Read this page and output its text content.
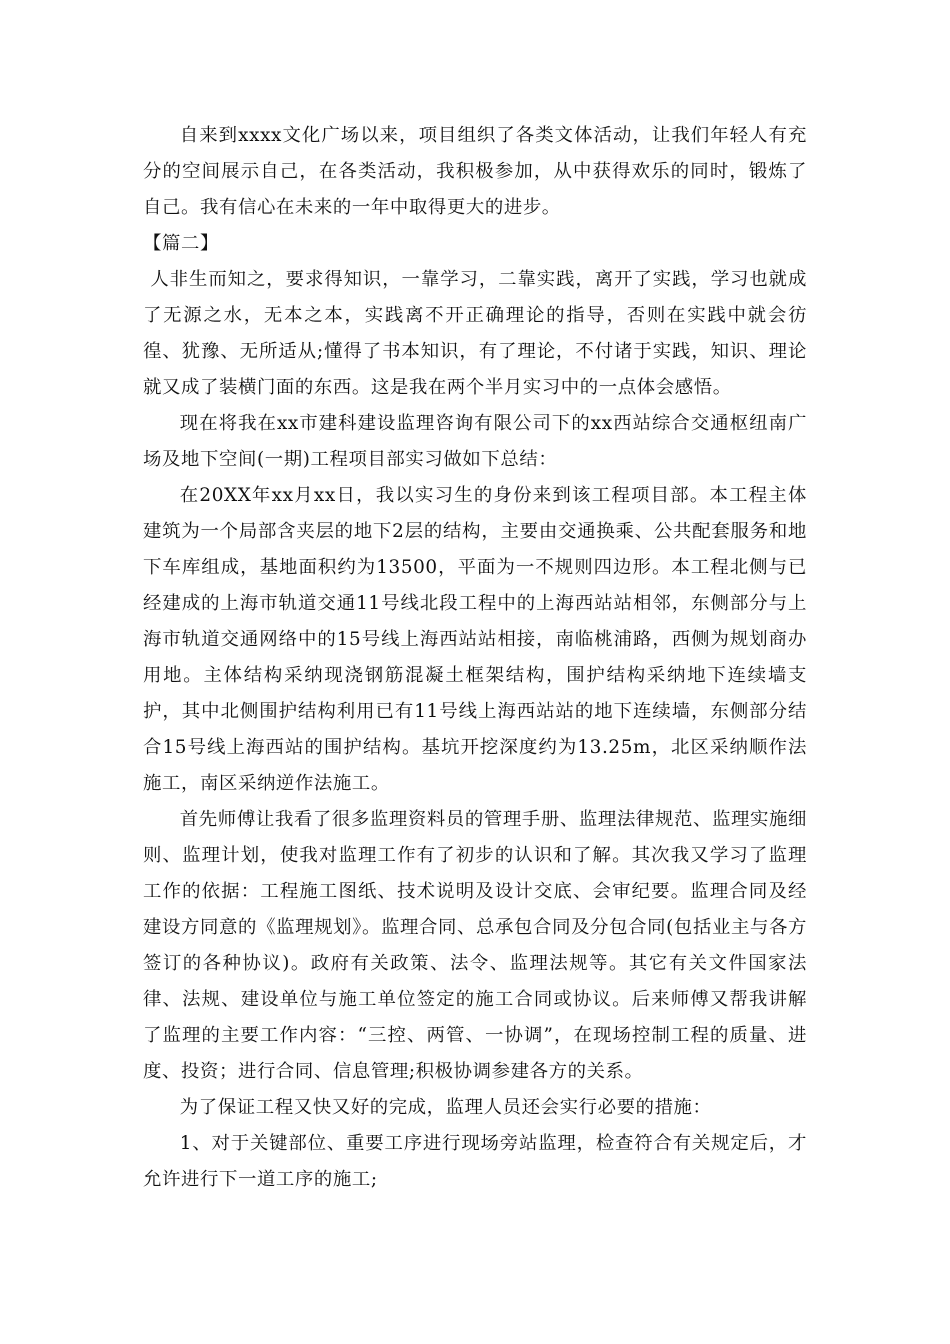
自来到xxxx文化广场以来，项目组织了各类文体活动，让我们年轻人有充分的空间展示自己，在各类活动，我积极参加，从中获得欢乐的同时，锻炼了自己。我有信心在未来的一年中取得更大的进步。

【篇二】

人非生而知之，要求得知识，一靠学习，二靠实践，离开了实践，学习也就成了无源之水，无本之本，实践离不开正确理论的指导，否则在实践中就会彷徨、犹豫、无所适从;懂得了书本知识，有了理论，不付诸于实践，知识、理论就又成了装横门面的东西。这是我在两个半月实习中的一点体会感悟。

现在将我在xx市建科建设监理咨询有限公司下的xx西站综合交通枢纽南广场及地下空间(一期)工程项目部实习做如下总结：

在20XX年xx月xx日，我以实习生的身份来到该工程项目部。本工程主体建筑为一个局部含夹层的地下2层的结构，主要由交通换乘、公共配套服务和地下车库组成，基地面积约为13500，平面为一不规则四边形。本工程北侧与已经建成的上海市轨道交通11号线北段工程中的上海西站站相邻，东侧部分与上海市轨道交通网络中的15号线上海西站站相接，南临桃浦路，西侧为规划商办用地。主体结构采纳现浇钢筋混凝土框架结构，围护结构采纳地下连续墙支护，其中北侧围护结构利用已有11号线上海西站站的地下连续墙，东侧部分结合15号线上海西站的围护结构。基坑开挖深度约为13.25m，北区采纳顺作法施工，南区采纳逆作法施工。

首先师傅让我看了很多监理资料员的管理手册、监理法律规范、监理实施细则、监理计划，使我对监理工作有了初步的认识和了解。其次我又学习了监理工作的依据：工程施工图纸、技术说明及设计交底、会审纪要。监理合同及经建设方同意的《监理规划》。监理合同、总承包合同及分包合同(包括业主与各方签订的各种协议)。政府有关政策、法令、监理法规等。其它有关文件国家法律、法规、建设单位与施工单位签定的施工合同或协议。后来师傅又帮我讲解了监理的主要工作内容：“三控、两管、一协调”，在现场控制工程的质量、进度、投资；进行合同、信息管理;积极协调参建各方的关系。

为了保证工程又快又好的完成，监理人员还会实行必要的措施：

1、对于关键部位、重要工序进行现场旁站监理，检查符合有关规定后，才允许进行下一道工序的施工;
